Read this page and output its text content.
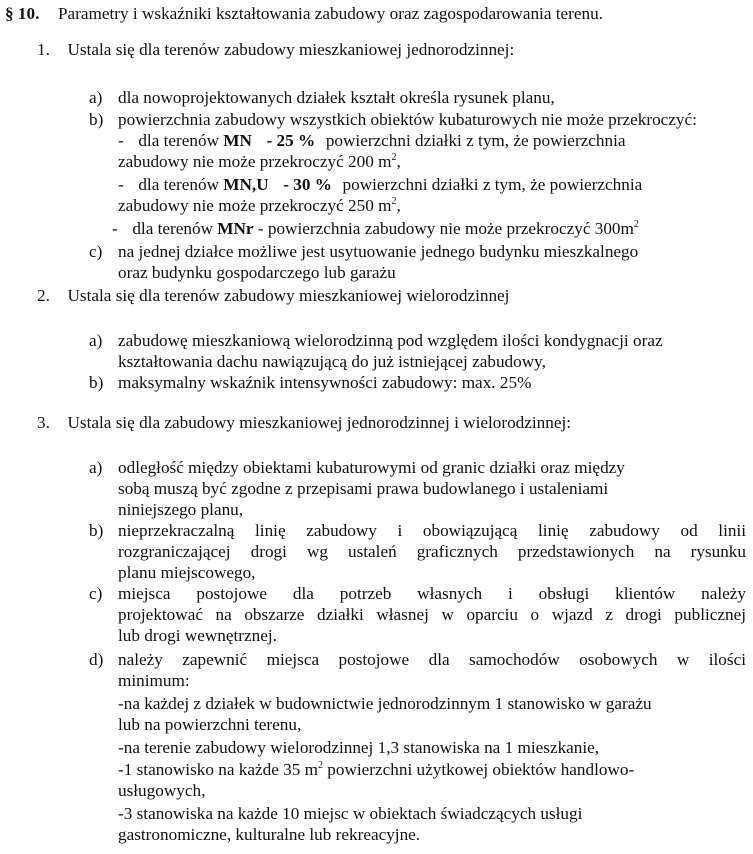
§ 10. Parametry i wskaźniki kształtowania zabudowy oraz zagospodarowania terenu.
1. Ustala się dla terenów zabudowy mieszkaniowej jednorodzinnej:
a) dla nowoprojektowanych działek kształt określa rysunek planu,
b) powierzchnia zabudowy wszystkich obiektów kubaturowych nie może przekroczyć:
- dla terenów MN - 25 % powierzchni działki z tym, że powierzchnia
zabudowy nie może przekroczyć 200 $m^2$,
- dla terenów MN,U - 30 % powierzchni działki z tym, że powierzchnia
zabudowy nie może przekroczyć 250 $m^2$,
- dla terenów MNr - powierzchnia zabudowy nie może przekroczyć $300m^2$
c) na jednej działce możliwe jest usytuowanie jednego budynku mieszkalnego
oraz budynku gospodarczego lub garażu
2. Ustala się dla terenów zabudowy mieszkaniowej wielorodzinnej
a) zabudowę mieszkaniową wielorodzinną pod względem ilości kondygnacji oraz
kształtowania dachu nawiązującą do już istniejącej zabudowy,
b) maksymalny wskaźnik intensywności zabudowy: max. 25%
3. Ustala się dla zabudowy mieszkaniowej jednorodzinnej i wielorodzinnej:
a) odległość między obiektami kubaturowymi od granic działki oraz między
sobą muszą być zgodne z przepisami prawa budowlanego i ustaleniami
niniejszego planu,
b) nieprzekraczalną linię zabudowy i obowiązującą linię zabudowy od linii
rozgraniczającej drogi wg ustaleń graficznych przedstawionych na rysunku
planu miejscowego,
c) miejsca postojowe dla potrzeb własnych i obsługi klientów należy
projektować na obszarze działki własnej w oparciu o wjazd z drogi publicznej
lub drogi wewnętrznej.
d) należy zapewnić miejsca postojowe dla samochodów osobowych w ilości
minimum:
-na każdej z działek w budownictwie jednorodzinnym 1 stanowisko w garażu
lub na powierzchni terenu,
-na terenie zabudowy wielorodzinnej 1,3 stanowiska na 1 mieszkanie,
-1 stanowisko na każde 35 $m^2$ powierzchni użytkowej obiektów handlowo-
usługowych,
-3 stanowiska na każde 10 miejsc w obiektach świadczących usługi
gastronomiczne, kulturalne lub rekreacyjne.
